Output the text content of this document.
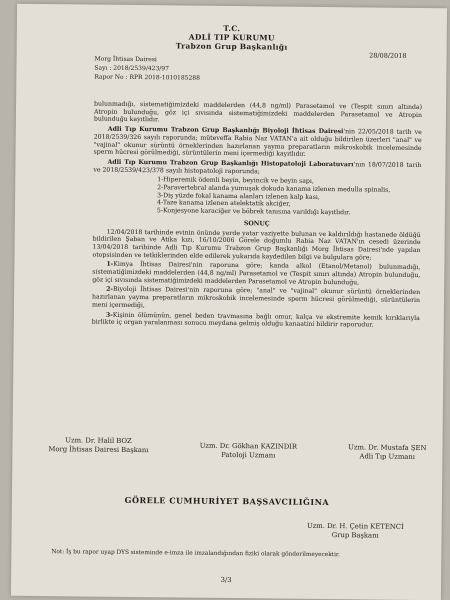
T.C.
ADLİ TIP KURUMU
Trabzon Grup Başkanlığı
Morg İhtisas Dairesi
Sayı : 2018/2539/423/97
Rapor No : RPR 2018-1010185288
28/08/2018

bulunmadığı, sistematiğimizdeki maddelerden (44,8 ng/ml) Parasetamol ve (Tespit sınırı altında) Atropin bulunduğu, göz içi sıvısında sistematiğimizdeki maddelerden Parasetamol ve Atropin bulunduğu kayıtlıdır.

Adli Tıp Kurumu Trabzon Grup Başkanlığı Biyoloji İhtisas Dairesi'nin 22/05/2018 tarih ve 2018/2539/326 sayılı raporunda; müteveffa Rabia Naz VATAN'a ait olduğu bildirilen üzerleri "anal" ve "vajinal" okunur sürüntü örneklerinden hazırlanan yayma preparatların mikroskobik incelemesinde sperm hücresi görülmediği, sürüntülerin meni içermediği kayıtlıdır.

Adli Tıp Kurumu Trabzon Grup Başkanlığı Histopatoloji Laboratuvarı'nın 18/07/2018 tarih ve 2018/2539/423/378 sayılı histopatoloji raporunda;

1-Hiperemik ödemli beyin, beyincik ve beyin sapı,
2-Paravertebral alanda yumuşak dokuda kanama izlenen medulla spinalis,
3-Diş yüzde fokal kanama alanları izlenen kalp kası,
4-Taze kanama izlenen atelektatik akciğer,
5-Konjesyone karaciğer ve böbrek tanısına varıldığı kayıtlıdır.
SONUÇ

12/04/2018 tarihinde evinin önünde yerde yatar vaziyette bulunan ve kaldırıldığı hastanede öldüğü bildirilen Şaban ve Atika kızı, 16/10/2006 Görele doğumlu Rabia Naz VATAN'ın cesedi üzerinde 13/04/2018 tarihinde Adli Tıp Kurumu Trabzon Grup Başkanlığı Morg İhtisas Dairesi'nde yapılan otopsisinden ve tetkiklerinden elde edilerek yukarıda kaydedilen bilgi ve bulgulara göre;

1-Kimya İhtisas Dairesi'nin raporuna göre; kanda alkol (Etanol/Metanol) bulunmadığı, sistematiğimizdeki maddelerden (44,8 ng/ml) Parasetamol ve (Tespit sınırı altında) Atropin bulunduğu, göz içi sıvısında sistematiğimizdeki maddelerden Parasetamol ve Atropin bulunduğu,

2-Biyoloji İhtisas Dairesi'nin raporuna göre; "anal" ve "vajinal" okunur sürüntü örneklerinden hazırlanan yayma preparatların mikroskobik incelemesinde sperm hücresi görülmediği, sürüntülerin meni içermediği,

3-Kişinin ölümünün, genel beden travmasına bağlı omur, kalça ve ekstremite kemik kırıklarıyla birlikte iç organ yaralanması sonucu meydana gelmiş olduğu kanaatini bildirir raporudur.

Uzm. Dr. Halil BOZ
Morg İhtisas Dairesi Başkanı	Uzm. Dr. Gökhan KAZINDIR
Patoloji Uzmanı
Uzm. Dr. Mustafa ŞEN
Adli Tıp Uzmanı
GÖRELE CUMHURİYET BAŞSAVCILIĞINA
Uzm. Dr. H. Çetin KETENCİ
Grup Başkanı
Not: İş bu rapor uyap DYS sisteminde e-imza ile imzalandığından fiziki olarak gönderilmeyecektir.
3/3
